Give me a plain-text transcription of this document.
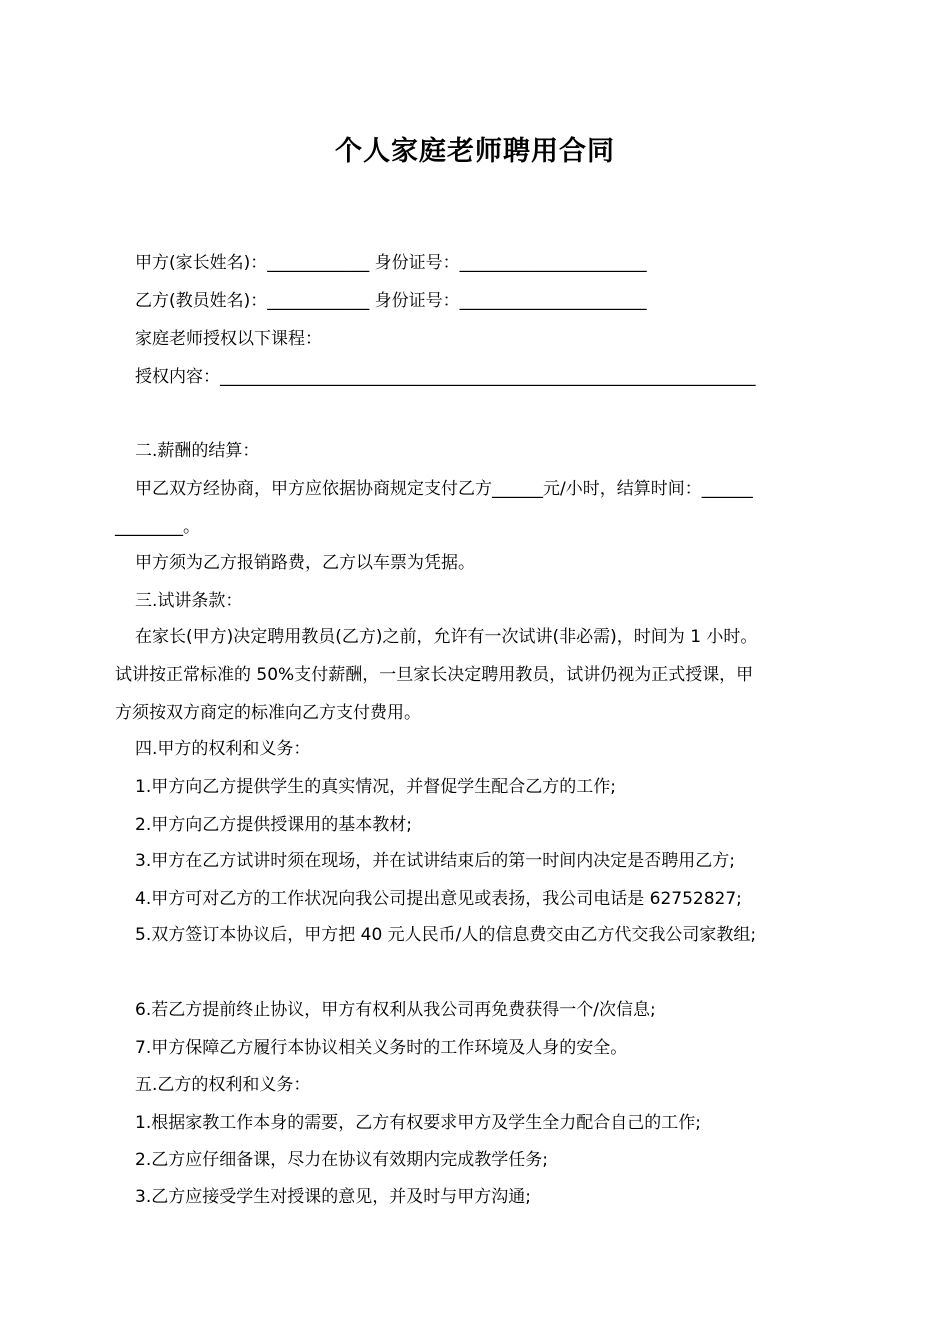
个人家庭老师聘用合同
甲方(家长姓名)：____________ 身份证号：______________________
乙方(教员姓名)：____________ 身份证号：______________________
家庭老师授权以下课程：
授权内容：_______________________________________________________________
二.薪酬的结算：
甲乙双方经协商，甲方应依据协商规定支付乙方______元/小时，结算时间：______
________。
甲方须为乙方报销路费，乙方以车票为凭据。
三.试讲条款：
在家长(甲方)决定聘用教员(乙方)之前，允许有一次试讲(非必需)，时间为 1 小时。
试讲按正常标准的 50%支付薪酬，一旦家长决定聘用教员，试讲仍视为正式授课，甲
方须按双方商定的标准向乙方支付费用。
四.甲方的权利和义务：
1.甲方向乙方提供学生的真实情况，并督促学生配合乙方的工作;
2.甲方向乙方提供授课用的基本教材;
3.甲方在乙方试讲时须在现场，并在试讲结束后的第一时间内决定是否聘用乙方;
4.甲方可对乙方的工作状况向我公司提出意见或表扬，我公司电话是 62752827;
5.双方签订本协议后，甲方把 40 元人民币/人的信息费交由乙方代交我公司家教组;
6.若乙方提前终止协议，甲方有权利从我公司再免费获得一个/次信息;
7.甲方保障乙方履行本协议相关义务时的工作环境及人身的安全。
五.乙方的权利和义务：
1.根据家教工作本身的需要，乙方有权要求甲方及学生全力配合自己的工作;
2.乙方应仔细备课，尽力在协议有效期内完成教学任务;
3.乙方应接受学生对授课的意见，并及时与甲方沟通;
